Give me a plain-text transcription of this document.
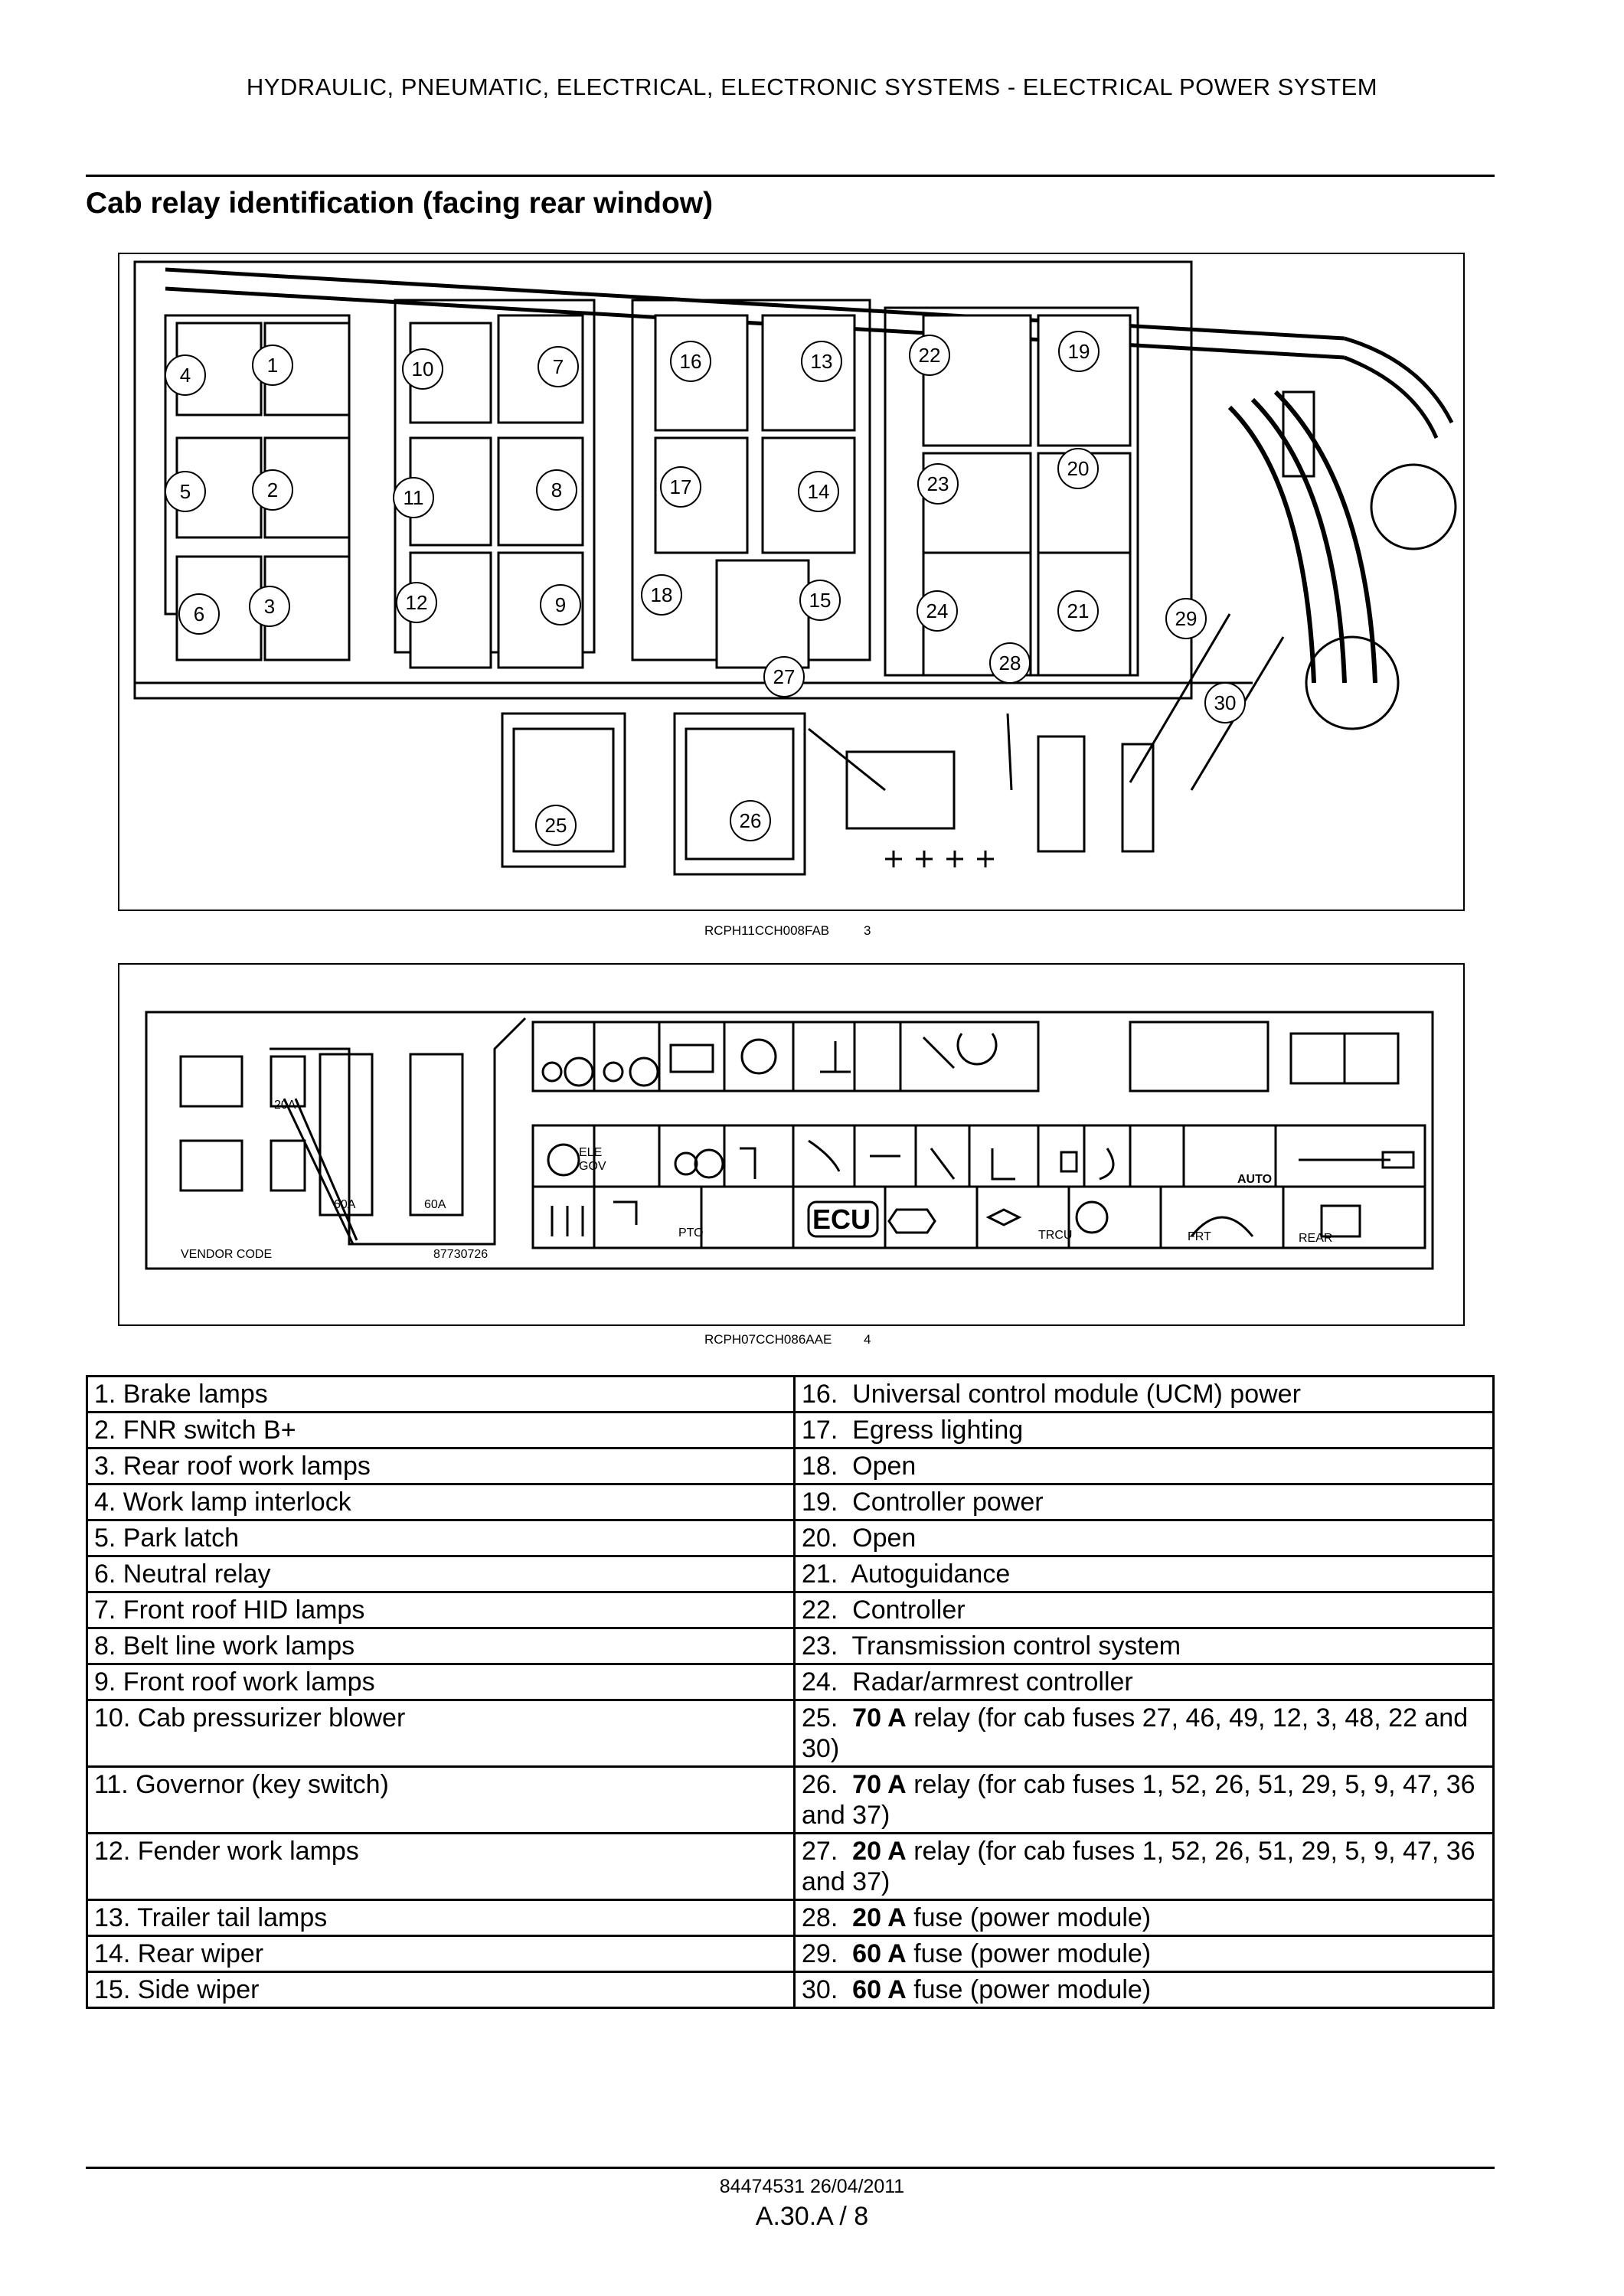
HYDRAULIC, PNEUMATIC, ELECTRICAL, ELECTRONIC SYSTEMS - ELECTRICAL POWER SYSTEM
Cab relay identification (facing rear window)
4	1	10	7	16	13	22	19
5	2	11	8	17	14	23
20
6	3	12	9	18	15	24	21	29
27
28
30
25	26
RCPH11CCH008FAB	3
20A
60A	60A
VENDOR CODE	87730726
ELE
GOV
PTO	TRCU
AUTO
FRT	REAR
ECU
RCPH07CCH086AAE 4
1. Brake lamps	16. Universal control module (UCM) power
2. FNR switch B+	17. Egress lighting
3. Rear roof work lamps	18. Open
4. Work lamp interlock	19. Controller power
5. Park latch	20. Open
6. Neutral relay	21. Autoguidance
7. Front roof HID lamps	22. Controller
8. Belt line work lamps	23. Transmission control system
9. Front roof work lamps	24. Radar/armrest controller
10. Cab pressurizer blower	25. 70 A relay (for cab fuses 27, 46, 49, 12, 3, 48, 22 and 30)
11. Governor (key switch)	26. 70 A relay (for cab fuses 1, 52, 26, 51, 29, 5, 9, 47, 36 and 37)
12. Fender work lamps	27. 20 A relay (for cab fuses 1, 52, 26, 51, 29, 5, 9, 47, 36 and 37)
13. Trailer tail lamps	28. 20 A fuse (power module)
14. Rear wiper	29. 60 A fuse (power module)
15. Side wiper	30. 60 A fuse (power module)
84474531 26/04/2011
A.30.A / 8
